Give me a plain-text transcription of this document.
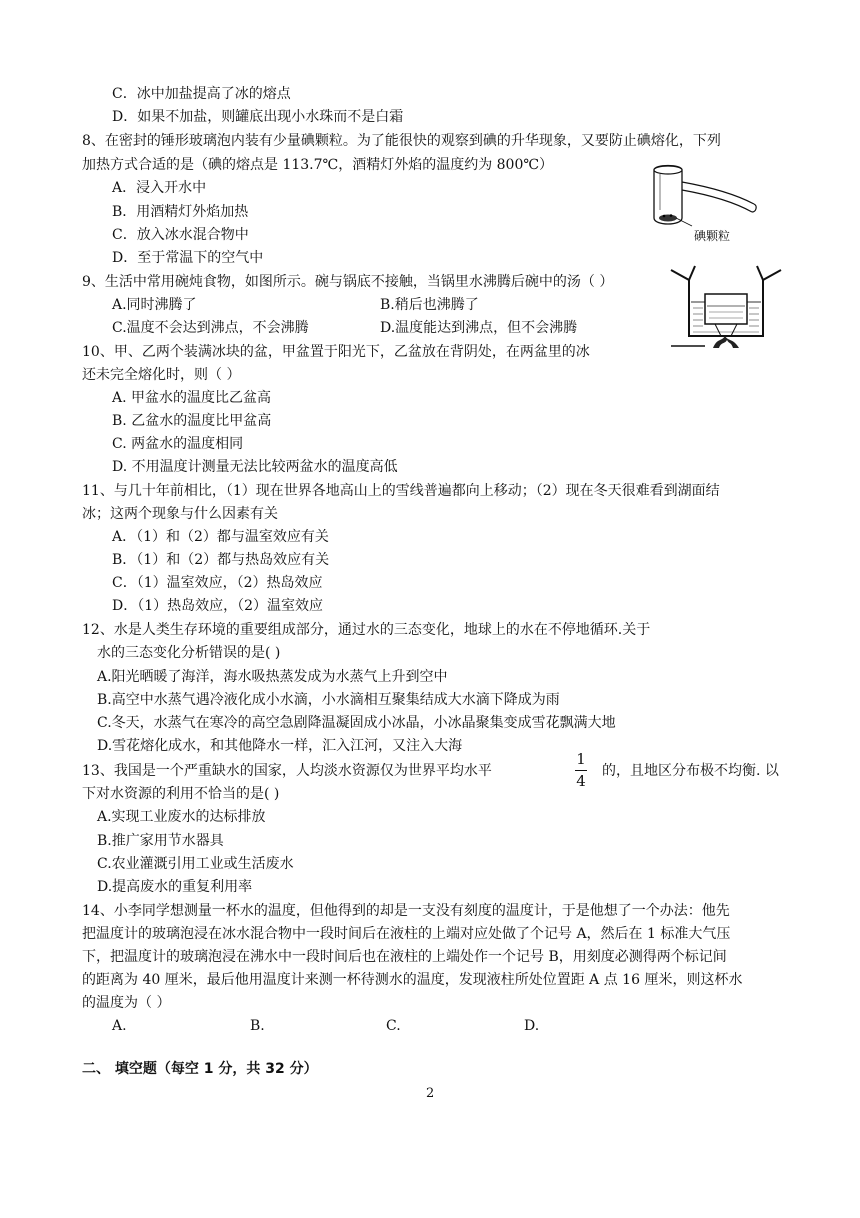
C．冰中加盐提高了冰的熔点
D．如果不加盐，则罐底出现小水珠而不是白霜
8、在密封的锤形玻璃泡内装有少量碘颗粒。为了能很快的观察到碘的升华现象，又要防止碘熔化，下列
加热方式合适的是（碘的熔点是 113.7℃，酒精灯外焰的温度约为 800℃）
A．浸入开水中
B．用酒精灯外焰加热
C．放入冰水混合物中
D．至于常温下的空气中
9、生活中常用碗炖食物，如图所示。碗与锅底不接触，当锅里水沸腾后碗中的汤（ ）
A.同时沸腾了	B.稍后也沸腾了
C.温度不会达到沸点，不会沸腾	D.温度能达到沸点，但不会沸腾
10、甲、乙两个装满冰块的盆，甲盆置于阳光下，乙盆放在背阴处，在两盆里的冰
还未完全熔化时，则（ ）
A. 甲盆水的温度比乙盆高
B. 乙盆水的温度比甲盆高
C. 两盆水的温度相同
D. 不用温度计测量无法比较两盆水的温度高低
11、与几十年前相比，（1）现在世界各地高山上的雪线普遍都向上移动；（2）现在冬天很难看到湖面结
冰；这两个现象与什么因素有关
A．（1）和（2）都与温室效应有关
B．（1）和（2）都与热岛效应有关
C．（1）温室效应，（2）热岛效应
D．（1）热岛效应，（2）温室效应
12、水是人类生存环境的重要组成部分，通过水的三态变化，地球上的水在不停地循环.关于
水的三态变化分析错误的是( )
A.阳光晒暖了海洋，海水吸热蒸发成为水蒸气上升到空中
B.高空中水蒸气遇冷液化成小水滴，小水滴相互聚集结成大水滴下降成为雨
C.冬天，水蒸气在寒冷的高空急剧降温凝固成小冰晶，小冰晶聚集变成雪花飘满大地
D.雪花熔化成水，和其他降水一样，汇入江河，又注入大海
13、我国是一个严重缺水的国家，人均淡水资源仅为世界平均水平
1
4
的，且地区分布极不均衡. 以
下对水资源的利用不恰当的是( )
A.实现工业废水的达标排放
B.推广家用节水器具
C.农业灌溉引用工业或生活废水
D.提高废水的重复利用率
14、小李同学想测量一杯水的温度，但他得到的却是一支没有刻度的温度计，于是他想了一个办法：他先
把温度计的玻璃泡浸在冰水混合物中一段时间后在液柱的上端对应处做了个记号 A，然后在 1 标准大气压
下，把温度计的玻璃泡浸在沸水中一段时间后也在液柱的上端处作一个记号 B，用刻度必测得两个标记间
的距离为 40 厘米，最后他用温度计来测一杯待测水的温度，发现液柱所处位置距 A 点 16 厘米，则这杯水
的温度为（ ）
A.	B.	C.	D.
二、 填空题（每空 1 分，共 32 分）
2
碘颗粒
